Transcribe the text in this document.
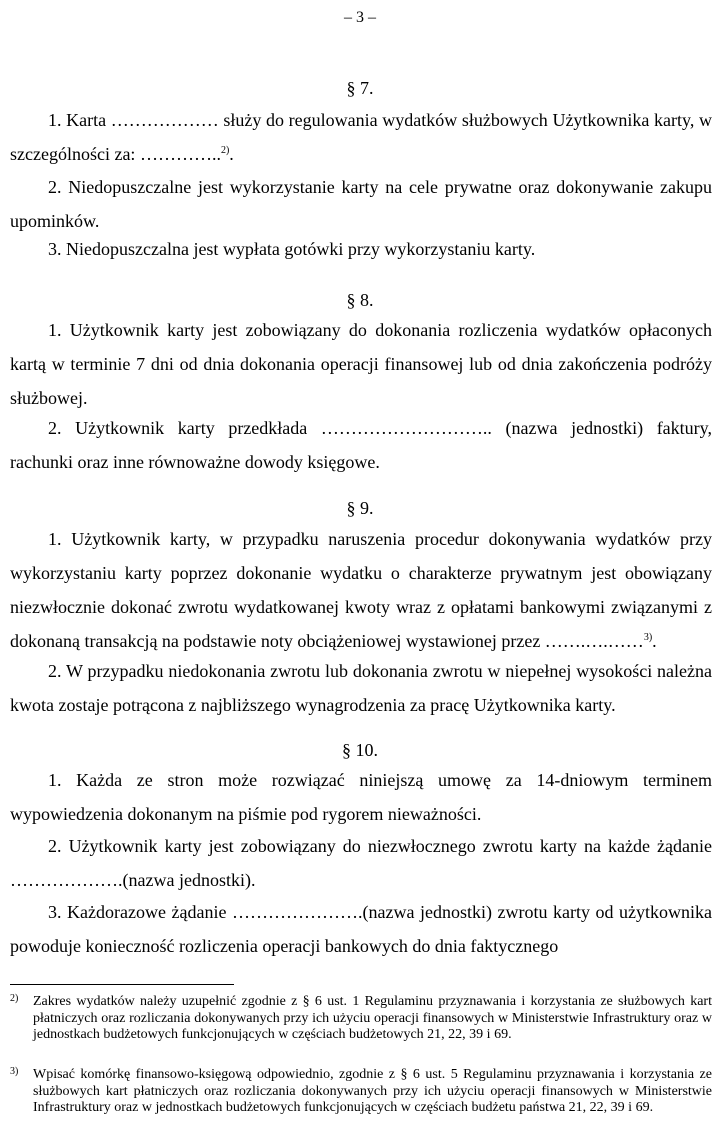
– 3 –
§ 7.
1. Karta ……………… służy do regulowania wydatków służbowych Użytkownika karty, w szczególności za: …………..$^{2)}$.
2. Niedopuszczalne jest wykorzystanie karty na cele prywatne oraz dokonywanie zakupu upominków.
3. Niedopuszczalna jest wypłata gotówki przy wykorzystaniu karty.
§ 8.
1. Użytkownik karty jest zobowiązany do dokonania rozliczenia wydatków opłaconych kartą w terminie 7 dni od dnia dokonania operacji finansowej lub od dnia zakończenia podróży służbowej.
2. Użytkownik karty przedkłada ……………………….. (nazwa jednostki) faktury, rachunki oraz inne równoważne dowody księgowe.
§ 9.
1. Użytkownik karty, w przypadku naruszenia procedur dokonywania wydatków przy wykorzystaniu karty poprzez dokonanie wydatku o charakterze prywatnym jest obowiązany niezwłocznie dokonać zwrotu wydatkowanej kwoty wraz z opłatami bankowymi związanymi z dokonaną transakcją na podstawie noty obciążeniowej wystawionej przez …….….……$^{3)}$.
2. W przypadku niedokonania zwrotu lub dokonania zwrotu w niepełnej wysokości należna kwota zostaje potrącona z najbliższego wynagrodzenia za pracę Użytkownika karty.
§ 10.
1. Każda ze stron może rozwiązać niniejszą umowę za 14-dniowym terminem wypowiedzenia dokonanym na piśmie pod rygorem nieważności.
2. Użytkownik karty jest zobowiązany do niezwłocznego zwrotu karty na każde żądanie ……………….(nazwa jednostki).
3. Każdorazowe żądanie ………………….(nazwa jednostki) zwrotu karty od użytkownika powoduje konieczność rozliczenia operacji bankowych do dnia faktycznego
2) Zakres wydatków należy uzupełnić zgodnie z § 6 ust. 1 Regulaminu przyznawania i korzystania ze służbowych kart płatniczych oraz rozliczania dokonywanych przy ich użyciu operacji finansowych w Ministerstwie Infrastruktury oraz w jednostkach budżetowych funkcjonujących w częściach budżetowych 21, 22, 39 i 69.
3) Wpisać komórkę finansowo-księgową odpowiednio, zgodnie z § 6 ust. 5 Regulaminu przyznawania i korzystania ze służbowych kart płatniczych oraz rozliczania dokonywanych przy ich użyciu operacji finansowych w Ministerstwie Infrastruktury oraz w jednostkach budżetowych funkcjonujących w częściach budżetu państwa 21, 22, 39 i 69.
